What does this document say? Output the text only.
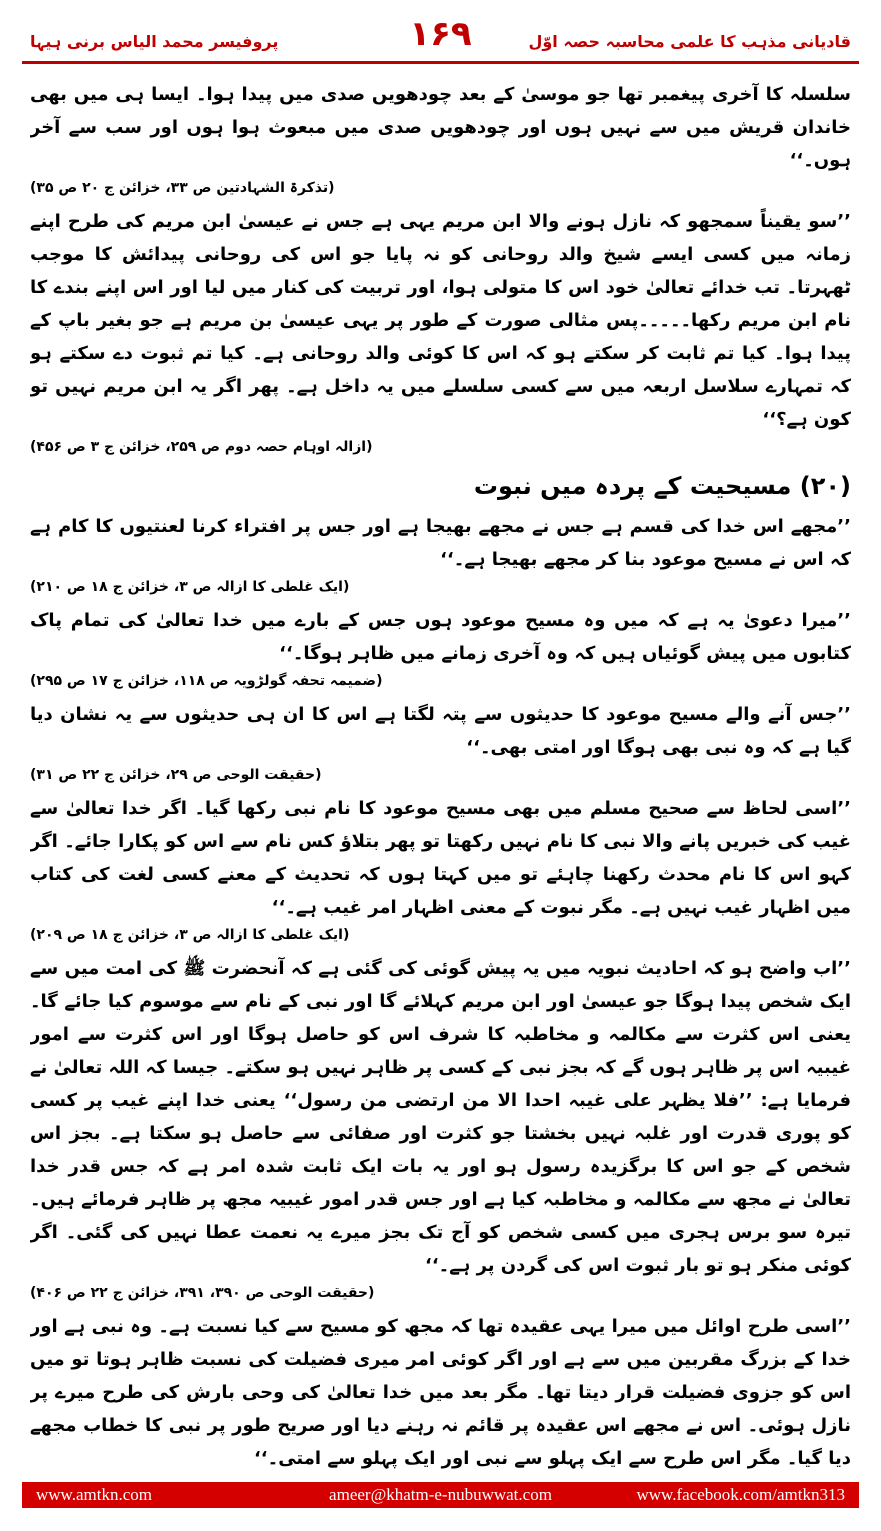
قادیانی مذہب کا علمی محاسبہ حصہ اوّل
۱۶۹
پروفیسر محمد الیاس برنی ہیہا

سلسلہ کا آخری پیغمبر تھا جو موسیٰ کے بعد چودھویں صدی میں پیدا ہوا۔ ایسا ہی میں بھی خاندان قریش میں سے نہیں ہوں اور چودھویں صدی میں مبعوث ہوا ہوں اور سب سے آخر ہوں۔‘‘

(تذکرۃ الشہادتین ص ۳۳، خزائن ج ۲۰ ص ۳۵)

’’سو یقیناً سمجھو کہ نازل ہونے والا ابن مریم یہی ہے جس نے عیسیٰ ابن مریم کی طرح اپنے زمانہ میں کسی ایسے شیخ والد روحانی کو نہ پایا جو اس کی روحانی پیدائش کا موجب ٹھہرتا۔ تب خدائے تعالیٰ خود اس کا متولی ہوا، اور تربیت کی کنار میں لیا اور اس اپنے بندے کا نام ابن مریم رکھا۔۔۔۔۔پس مثالی صورت کے طور پر یہی عیسیٰ بن مریم ہے جو بغیر باپ کے پیدا ہوا۔ کیا تم ثابت کر سکتے ہو کہ اس کا کوئی والد روحانی ہے۔ کیا تم ثبوت دے سکتے ہو کہ تمہارے سلاسل اربعہ میں سے کسی سلسلے میں یہ داخل ہے۔ پھر اگر یہ ابن مریم نہیں تو کون ہے؟‘‘

(ازالہ اوہام حصہ دوم ص ۲۵۹، خزائن ج ۳ ص ۴۵۶)

(۲۰) مسیحیت کے پردہ میں نبوت

’’مجھے اس خدا کی قسم ہے جس نے مجھے بھیجا ہے اور جس پر افتراء کرنا لعنتیوں کا کام ہے کہ اس نے مسیح موعود بنا کر مجھے بھیجا ہے۔‘‘

(ایک غلطی کا ازالہ ص ۳، خزائن ج ۱۸ ص ۲۱۰)

’’میرا دعویٰ یہ ہے کہ میں وہ مسیح موعود ہوں جس کے بارے میں خدا تعالیٰ کی تمام پاک کتابوں میں پیش گوئیاں ہیں کہ وہ آخری زمانے میں ظاہر ہوگا۔‘‘

(ضمیمہ تحفہ گولڑویہ ص ۱۱۸، خزائن ج ۱۷ ص ۲۹۵)

’’جس آنے والے مسیح موعود کا حدیثوں سے پتہ لگتا ہے اس کا ان ہی حدیثوں سے یہ نشان دیا گیا ہے کہ وہ نبی بھی ہوگا اور امتی بھی۔‘‘

(حقیقت الوحی ص ۲۹، خزائن ج ۲۲ ص ۳۱)

’’اسی لحاظ سے صحیح مسلم میں بھی مسیح موعود کا نام نبی رکھا گیا۔ اگر خدا تعالیٰ سے غیب کی خبریں پانے والا نبی کا نام نہیں رکھتا تو پھر بتلاؤ کس نام سے اس کو پکارا جائے۔ اگر کہو اس کا نام محدث رکھنا چاہئے تو میں کہتا ہوں کہ تحدیث کے معنے کسی لغت کی کتاب میں اظہار غیب نہیں ہے۔ مگر نبوت کے معنی اظہار امر غیب ہے۔‘‘

(ایک غلطی کا ازالہ ص ۳، خزائن ج ۱۸ ص ۲۰۹)

’’اب واضح ہو کہ احادیث نبویہ میں یہ پیش گوئی کی گئی ہے کہ آنحضرت ﷺ کی امت میں سے ایک شخص پیدا ہوگا جو عیسیٰ اور ابن مریم کہلائے گا اور نبی کے نام سے موسوم کیا جائے گا۔ یعنی اس کثرت سے مکالمہ و مخاطبہ کا شرف اس کو حاصل ہوگا اور اس کثرت سے امور غیبیہ اس پر ظاہر ہوں گے کہ بجز نبی کے کسی پر ظاہر نہیں ہو سکتے۔ جیسا کہ اللہ تعالیٰ نے فرمایا ہے: ’’فلا یظہر علی غیبہ احدا الا من ارتضی من رسول‘‘ یعنی خدا اپنے غیب پر کسی کو پوری قدرت اور غلبہ نہیں بخشتا جو کثرت اور صفائی سے حاصل ہو سکتا ہے۔ بجز اس شخص کے جو اس کا برگزیدہ رسول ہو اور یہ بات ایک ثابت شدہ امر ہے کہ جس قدر خدا تعالیٰ نے مجھ سے مکالمہ و مخاطبہ کیا ہے اور جس قدر امور غیبیہ مجھ پر ظاہر فرمائے ہیں۔ تیرہ سو برس ہجری میں کسی شخص کو آج تک بجز میرے یہ نعمت عطا نہیں کی گئی۔ اگر کوئی منکر ہو تو بار ثبوت اس کی گردن پر ہے۔‘‘

(حقیقت الوحی ص ۳۹۰، ۳۹۱، خزائن ج ۲۲ ص ۴۰۶)

’’اسی طرح اوائل میں میرا یہی عقیدہ تھا کہ مجھ کو مسیح سے کیا نسبت ہے۔ وہ نبی ہے اور خدا کے بزرگ مقربین میں سے ہے اور اگر کوئی امر میری فضیلت کی نسبت ظاہر ہوتا تو میں اس کو جزوی فضیلت قرار دیتا تھا۔ مگر بعد میں خدا تعالیٰ کی وحی بارش کی طرح میرے پر نازل ہوئی۔ اس نے مجھے اس عقیدہ پر قائم نہ رہنے دیا اور صریح طور پر نبی کا خطاب مجھے دیا گیا۔ مگر اس طرح سے ایک پہلو سے نبی اور ایک پہلو سے امتی۔‘‘

www.amtkn.com	ameer@khatm-e-nubuwwat.com	www.facebook.com/amtkn313
